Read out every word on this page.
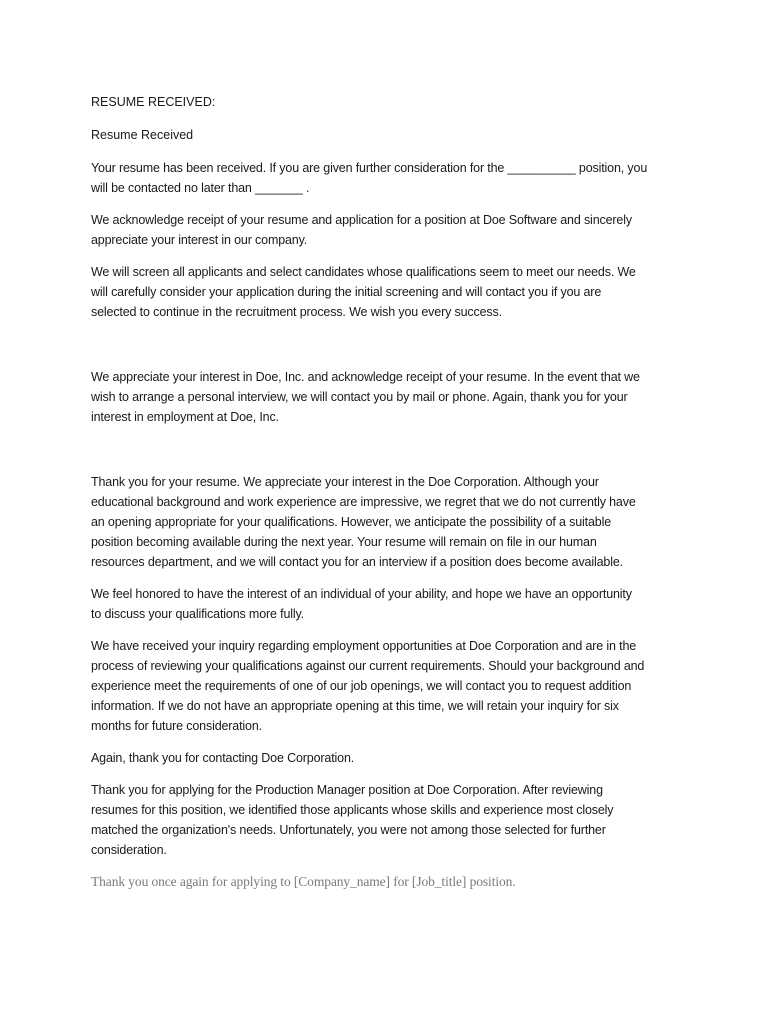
RESUME RECEIVED:

Resume Received

Your resume has been received. If you are given further consideration for the __________ position, you

will be contacted no later than _______ .

We acknowledge receipt of your resume and application for a position at Doe Software and sincerely

appreciate your interest in our company.

We will screen all applicants and select candidates whose qualifications seem to meet our needs. We

will carefully consider your application during the initial screening and will contact you if you are

selected to continue in the recruitment process. We wish you every success.

We appreciate your interest in Doe, Inc. and acknowledge receipt of your resume. In the event that we

wish to arrange a personal interview, we will contact you by mail or phone. Again, thank you for your

interest in employment at Doe, Inc.

Thank you for your resume. We appreciate your interest in the Doe Corporation. Although your

educational background and work experience are impressive, we regret that we do not currently have

an opening appropriate for your qualifications. However, we anticipate the possibility of a suitable

position becoming available during the next year. Your resume will remain on file in our human

resources department, and we will contact you for an interview if a position does become available.

We feel honored to have the interest of an individual of your ability, and hope we have an opportunity

to discuss your qualifications more fully.

We have received your inquiry regarding employment opportunities at Doe Corporation and are in the

process of reviewing your qualifications against our current requirements. Should your background and

experience meet the requirements of one of our job openings, we will contact you to request addition

information. If we do not have an appropriate opening at this time, we will retain your inquiry for six

months for future consideration.

Again, thank you for contacting Doe Corporation.

Thank you for applying for the Production Manager position at Doe Corporation. After reviewing

resumes for this position, we identified those applicants whose skills and experience most closely

matched the organization's needs. Unfortunately, you were not among those selected for further

consideration.

Thank you once again for applying to [Company_name] for [Job_title] position.
